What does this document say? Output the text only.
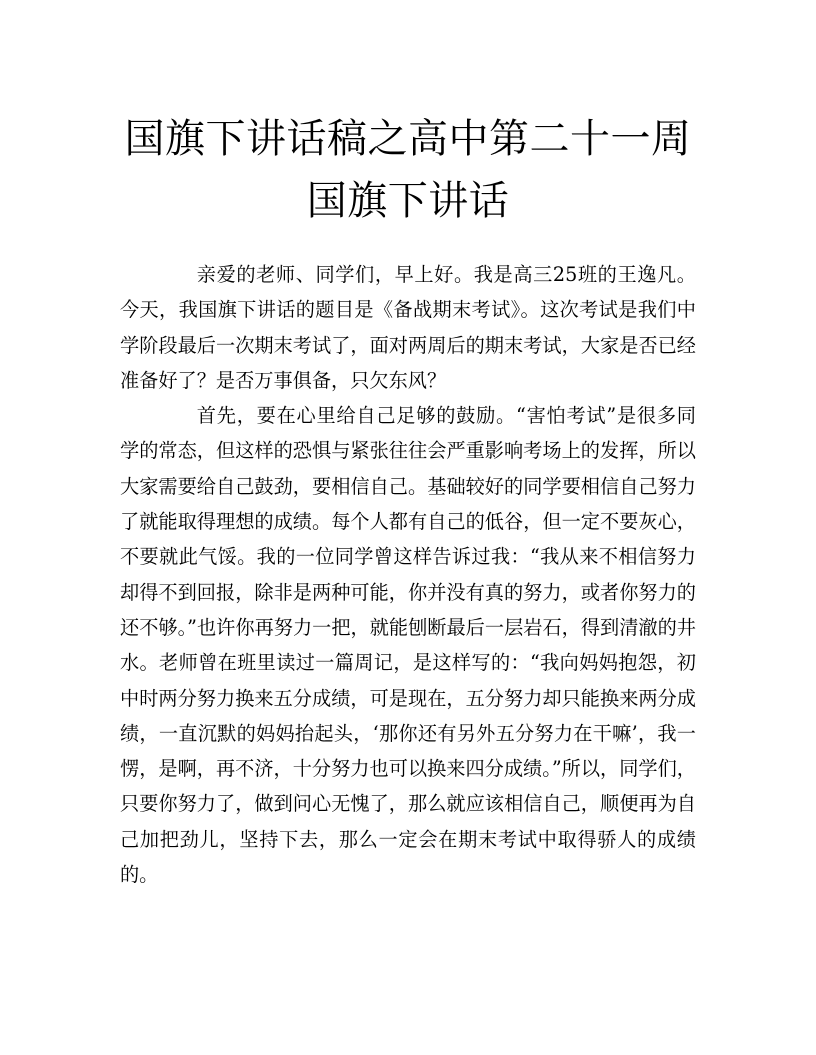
国旗下讲话稿之高中第二十一周国旗下讲话

亲爱的老师、同学们，早上好。我是高三25班的王逸凡。今天，我国旗下讲话的题目是《备战期末考试》。这次考试是我们中学阶段最后一次期末考试了，面对两周后的期末考试，大家是否已经准备好了？是否万事俱备，只欠东风？

首先，要在心里给自己足够的鼓励。“害怕考试”是很多同学的常态，但这样的恐惧与紧张往往会严重影响考场上的发挥，所以大家需要给自己鼓劲，要相信自己。基础较好的同学要相信自己努力了就能取得理想的成绩。每个人都有自己的低谷，但一定不要灰心，不要就此气馁。我的一位同学曾这样告诉过我：“我从来不相信努力却得不到回报，除非是两种可能，你并没有真的努力，或者你努力的还不够。”也许你再努力一把，就能刨断最后一层岩石，得到清澈的井水。老师曾在班里读过一篇周记，是这样写的：“我向妈妈抱怨，初中时两分努力换来五分成绩，可是现在，五分努力却只能换来两分成绩，一直沉默的妈妈抬起头，‘那你还有另外五分努力在干嘛’，我一愣，是啊，再不济，十分努力也可以换来四分成绩。”所以，同学们，只要你努力了，做到问心无愧了，那么就应该相信自己，顺便再为自己加把劲儿，坚持下去，那么一定会在期末考试中取得骄人的成绩的。
